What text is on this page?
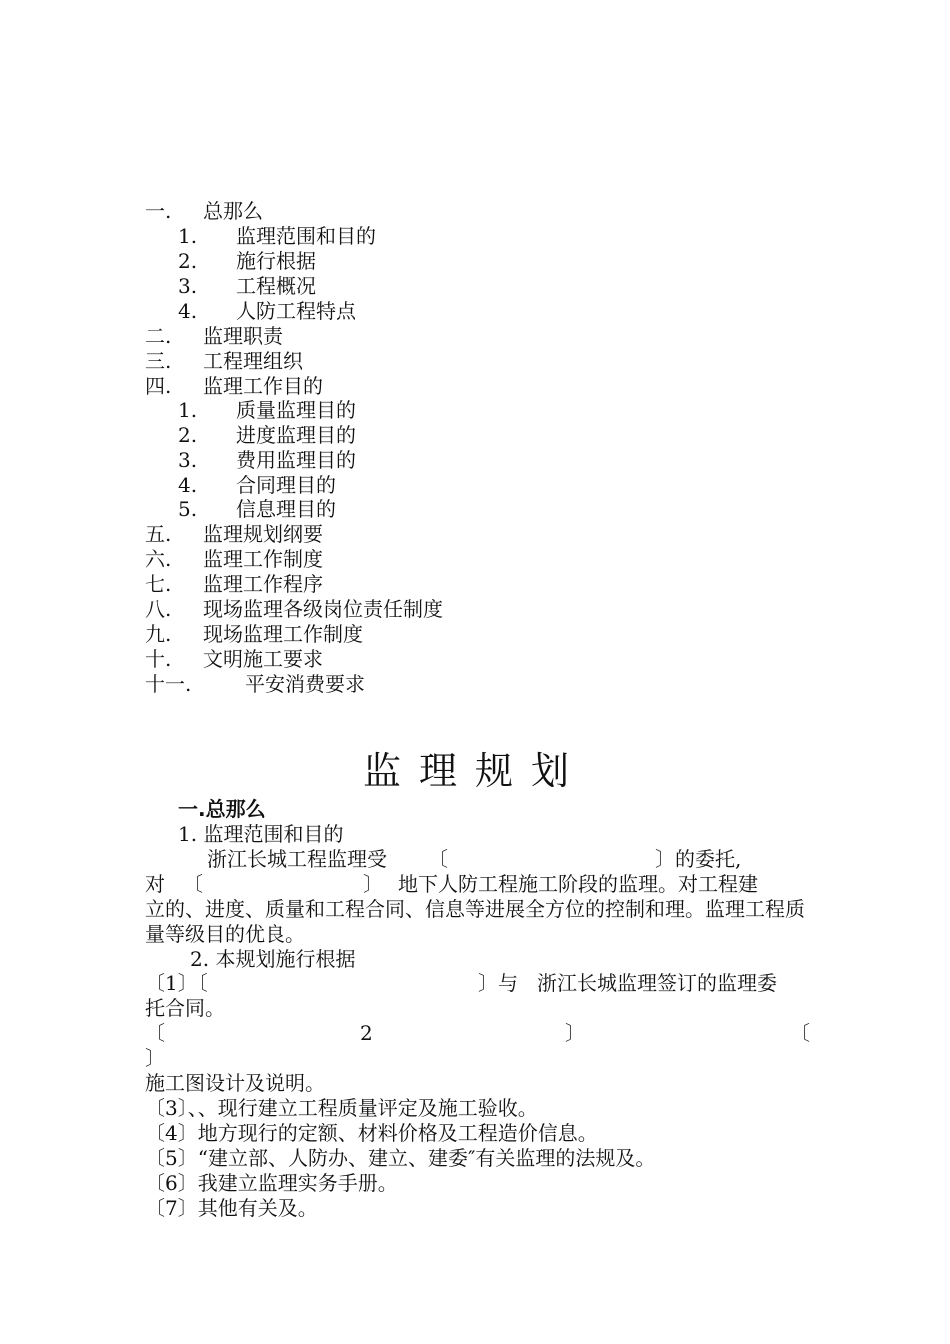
一. 总那么
1. 监理范围和目的
2. 施行根据
3. 工程概况
4. 人防工程特点
二. 监理职责
三. 工程理组织
四. 监理工作目的
1. 质量监理目的
2. 进度监理目的
3. 费用监理目的
4. 合同理目的
5. 信息理目的
五. 监理规划纲要
六. 监理工作制度
七. 监理工作程序
八. 现场监理各级岗位责任制度
九. 现场监理工作制度
十. 文明施工要求
十一.	平安消费要求
监理规划
一.总那么
1. 监理范围和目的
浙江长城工程监理受 〔	〕的委托,
对 〔	〕 地下人防工程施工阶段的监理。对工程建
立的、进度、质量和工程合同、信息等进展全方位的控制和理。监理工程质量等级目的优良。
2. 本规划施行根据
〔1〕〔	〕与 浙江长城监理签订的监理委
托合同。
〔	2	〕	〔
〕
施工图设计及说明。
〔3〕、、现行建立工程质量评定及施工验收。
〔4〕地方现行的定额、材料价格及工程造价信息。
〔5〕“建立部、人防办、建立、建委″有关监理的法规及。
〔6〕我建立监理实务手册。
〔7〕其他有关及。
